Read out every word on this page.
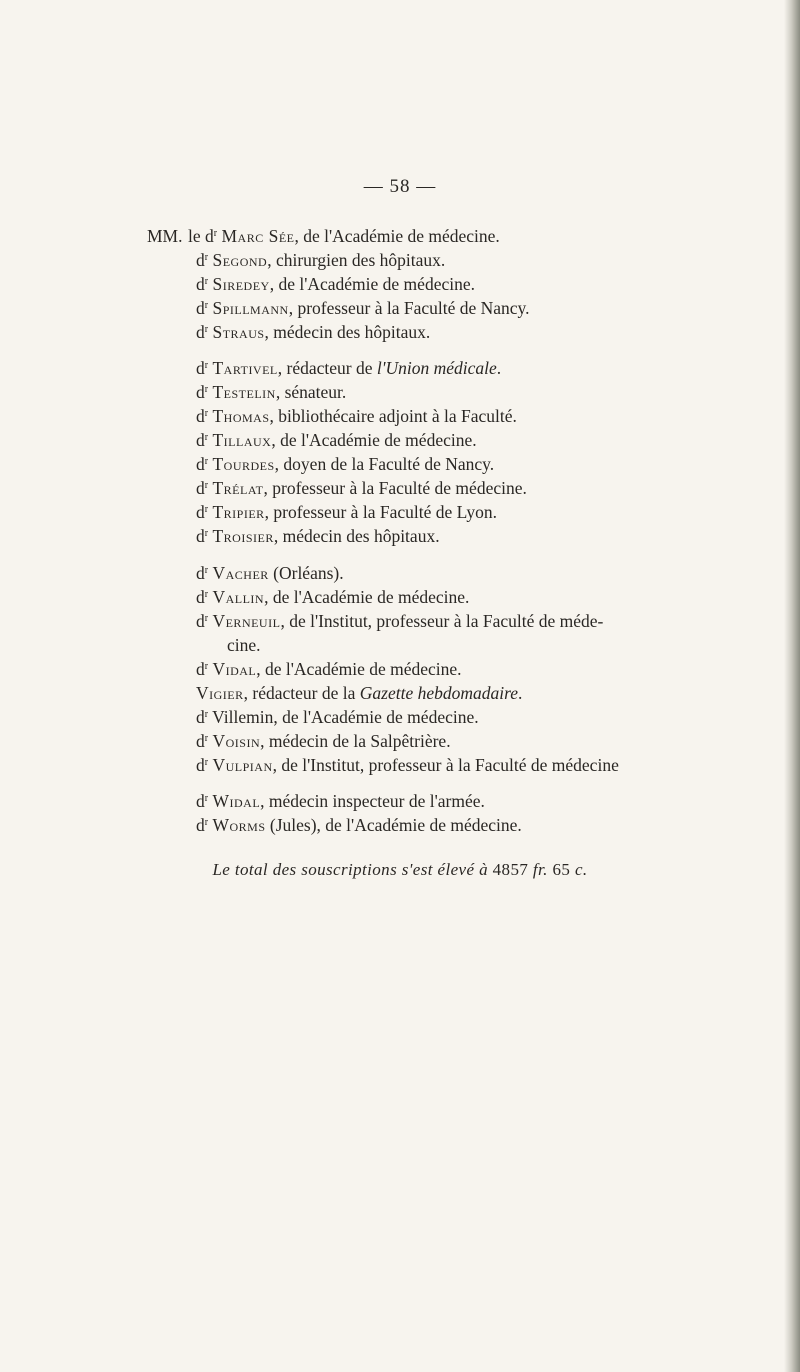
— 58 —
MM. le $d^r$ Marc Sée, de l'Académie de médecine.
$d^r$ Segond, chirurgien des hôpitaux.
$d^r$ Siredey, de l'Académie de médecine.
$d^r$ Spillmann, professeur à la Faculté de Nancy.
$d^r$ Straus, médecin des hôpitaux.
$d^r$ Tartivel, rédacteur de l'Union médicale.
$d^r$ Testelin, sénateur.
$d^r$ Thomas, bibliothécaire adjoint à la Faculté.
$d^r$ Tillaux, de l'Académie de médecine.
$d^r$ Tourdes, doyen de la Faculté de Nancy.
$d^r$ Trélat, professeur à la Faculté de médecine.
$d^r$ Tripier, professeur à la Faculté de Lyon.
$d^r$ Troisier, médecin des hôpitaux.
$d^r$ Vacher (Orléans).
$d^r$ Vallin, de l'Académie de médecine.
$d^r$ Verneuil, de l'Institut, professeur à la Faculté de méde-
cine.
$d^r$ Vidal, de l'Académie de médecine.
Vigier, rédacteur de la Gazette hebdomadaire.
$d^r$ Villemin, de l'Académie de médecine.
$d^r$ Voisin, médecin de la Salpêtrière.
$d^r$ Vulpian, de l'Institut, professeur à la Faculté de médecine
$d^r$ Widal, médecin inspecteur de l'armée.
$d^r$ Worms (Jules), de l'Académie de médecine.
Le total des souscriptions s'est élevé à 4857 fr. 65 c.
